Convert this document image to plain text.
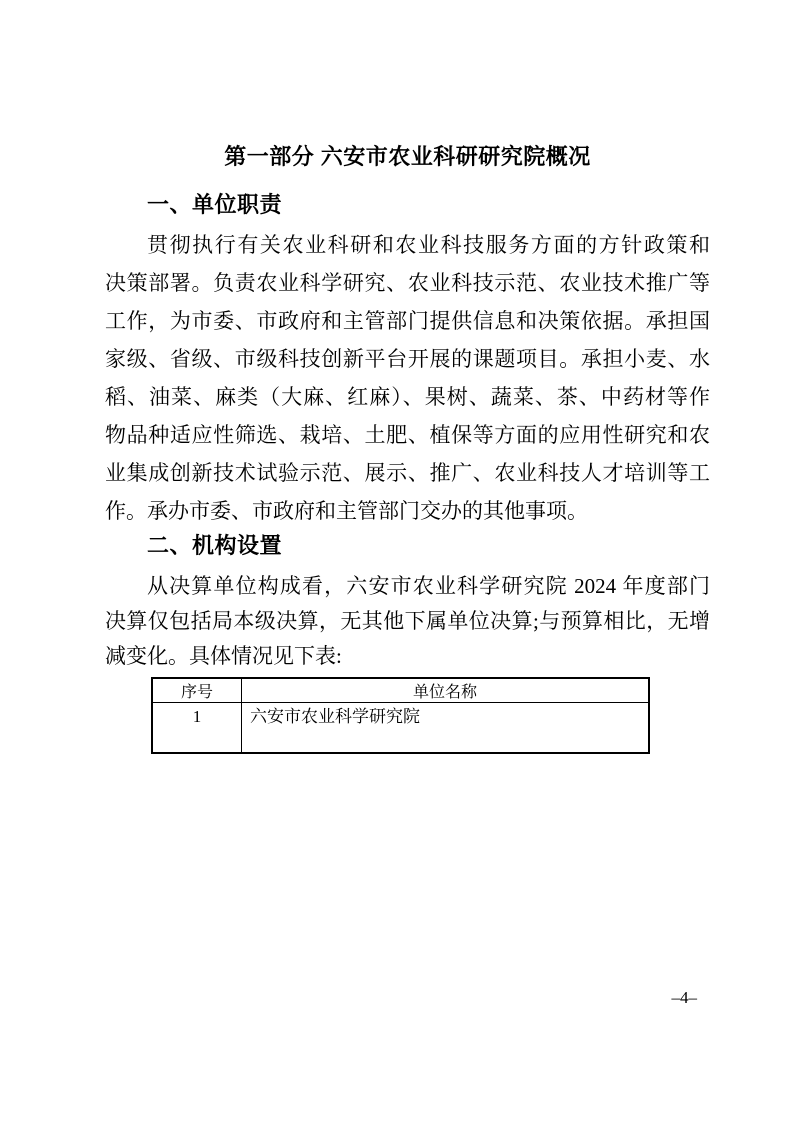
第一部分 六安市农业科研研究院概况
一、单位职责
贯彻执行有关农业科研和农业科技服务方面的方针政策和
决策部署。负责农业科学研究、农业科技示范、农业技术推广等
工作，为市委、市政府和主管部门提供信息和决策依据。承担国
家级、省级、市级科技创新平台开展的课题项目。承担小麦、水
稻、油菜、麻类（大麻、红麻）、果树、蔬菜、茶、中药材等作
物品种适应性筛选、栽培、土肥、植保等方面的应用性研究和农
业集成创新技术试验示范、展示、推广、农业科技人才培训等工
作。承办市委、市政府和主管部门交办的其他事项。
二、机构设置
从决算单位构成看，六安市农业科学研究院 2024 年度部门
决算仅包括局本级决算，无其他下属单位决算;与预算相比，无增
减变化。具体情况见下表:
序号	单位名称
1	六安市农业科学研究院
–4–
